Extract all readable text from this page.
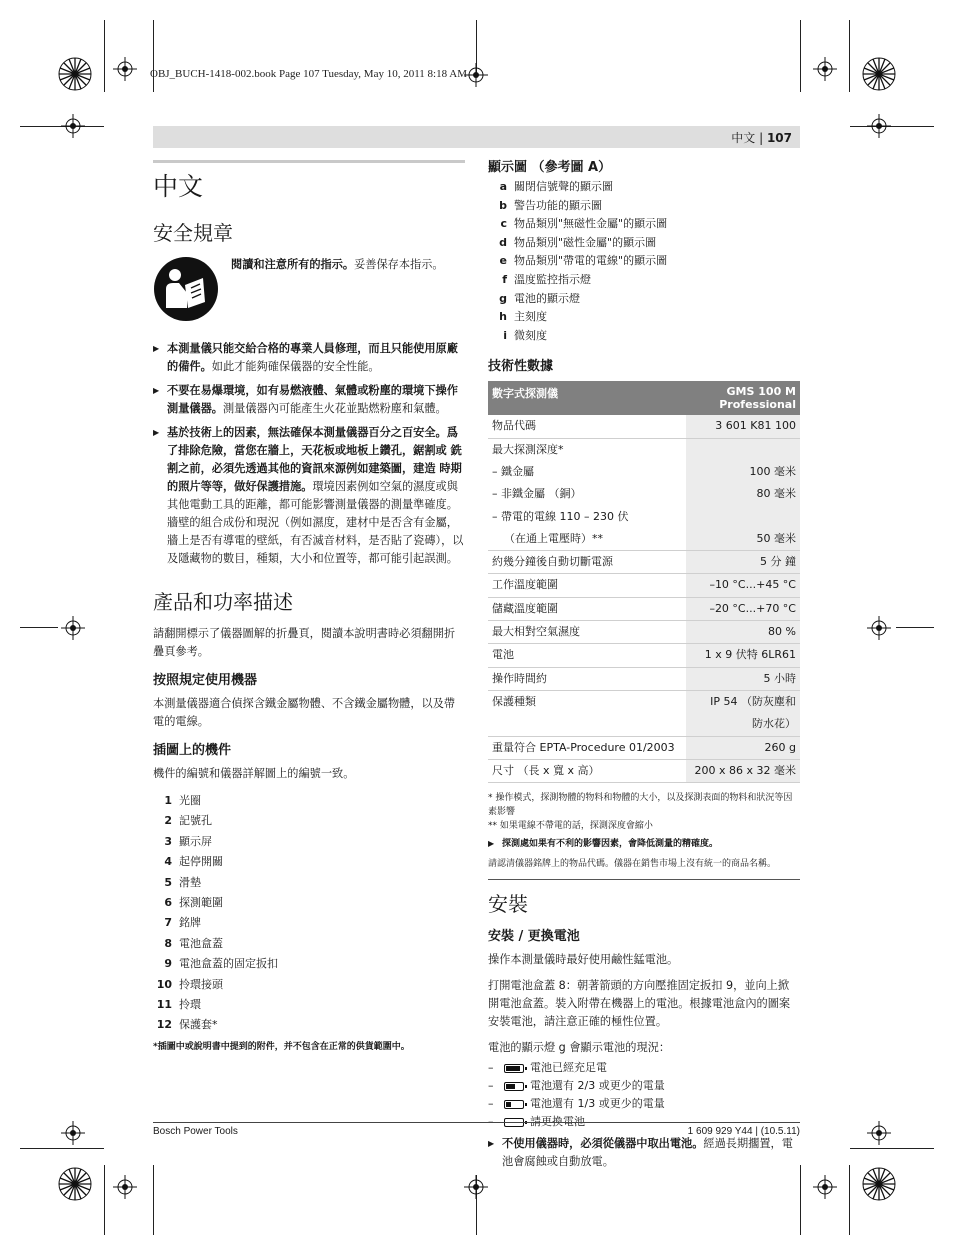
OBJ_BUCH-1418-002.book Page 107 Tuesday, May 10, 2011 8:18 AM
中文 | 107
中文
安全規章

閱讀和注意所有的指示。妥善保存本指示。

▶ 本測量儀只能交給合格的專業人員修理，而且只能使用原廠的備件。如此才能夠確保儀器的安全性能。
▶ 不要在易爆環境，如有易燃液體、氣體或粉塵的環境下操作測量儀器。測量儀器內可能產生火花並點燃粉塵和氣體。
▶ 基於技術上的因素，無法確保本測量儀器百分之百安全。爲了排除危險，當您在牆上，天花板或地板上鑽孔，鋸割或 銑割之前，必須先透過其他的資訊來源例如建築圖，建造 時期的照片等等，做好保護措施。環境因素例如空氣的濕度或與其他電動工具的距離，都可能影響測量儀器的測量準確度。牆壁的組合成份和現況（例如濕度，建材中是否含有金屬，牆上是否有導電的壁紙，有否滅音材料，是否貼了瓷磚），以及隱藏物的數目，種類，大小和位置等，都可能引起誤測。
產品和功率描述

請翻開標示了儀器圖解的折疊頁，閱讀本說明書時必須翻開折疊頁參考。

按照規定使用機器

本測量儀器適合偵探含鐵金屬物體、不含鐵金屬物體，以及帶電的電線。

插圖上的機件

機件的編號和儀器詳解圖上的編號一致。

1 光圈
2 記號孔
3 顯示屏
4 起停開關
5 滑墊
6 探測範圍
7 銘牌
8 電池盒蓋
9 電池盒蓋的固定扳扣
10 拎環接頭
11 拎環
12 保護套*

*插圖中或說明書中提到的附件，并不包含在正常的供貨範圍中。

顯示圖 （參考圖 A）
a 關閉信號聲的顯示圖
b 警告功能的顯示圖
c 物品類別"無磁性金屬"的顯示圖
d 物品類別"磁性金屬"的顯示圖
e 物品類別"帶電的電線"的顯示圖
f 溫度監控指示燈
g 電池的顯示燈
h 主刻度
i 微刻度
技術性數據
數字式探測儀	GMS 100 M
Professional
物品代碼	3 601 K81 100
最大探測深度*	
– 鐵金屬	100 毫米
– 非鐵金屬 （銅）	80 毫米
– 帶電的電線 110 – 230 伏	
（在通上電壓時）**	50 毫米
約幾分鐘後自動切斷電源	5 分 鐘
工作溫度範圍	–10 °C...+45 °C
儲藏溫度範圍	–20 °C...+70 °C
最大相對空氣濕度	80 %
電池	1 x 9 伏特 6LR61
操作時間約	5 小時
保護種類	IP 54 （防灰塵和
	防水花）
重量符合 EPTA-Procedure 01/2003	260 g
尺寸 （長 x 寬 x 高）	200 x 86 x 32 毫米

* 操作模式，探測物體的物料和物體的大小，以及探測表面的物料和狀況等因素影響

** 如果電線不帶電的話，探測深度會縮小

▶ 探測處如果有不利的影響因素，會降低測量的精確度。

請認清儀器銘牌上的物品代碼。儀器在銷售市場上沒有統一的商品名稱。

安裝
安裝 / 更換電池

操作本測量儀時最好使用鹼性錳電池。

打開電池盒蓋 8：朝著箭頭的方向壓推固定扳扣 9，並向上掀開電池盒蓋。裝入附帶在機器上的電池。根據電池盒內的圖案安裝電池，請注意正確的極性位置。

電池的顯示燈 g 會顯示電池的現況：

–	電池已經充足電
–	電池還有 2/3 或更少的電量
–	電池還有 1/3 或更少的電量
–	請更換電池
▶ 不使用儀器時，必須從儀器中取出電池。經過長期擱置，電池會腐蝕或自動放電。
Bosch Power Tools	1 609 929 Y44 | (10.5.11)
